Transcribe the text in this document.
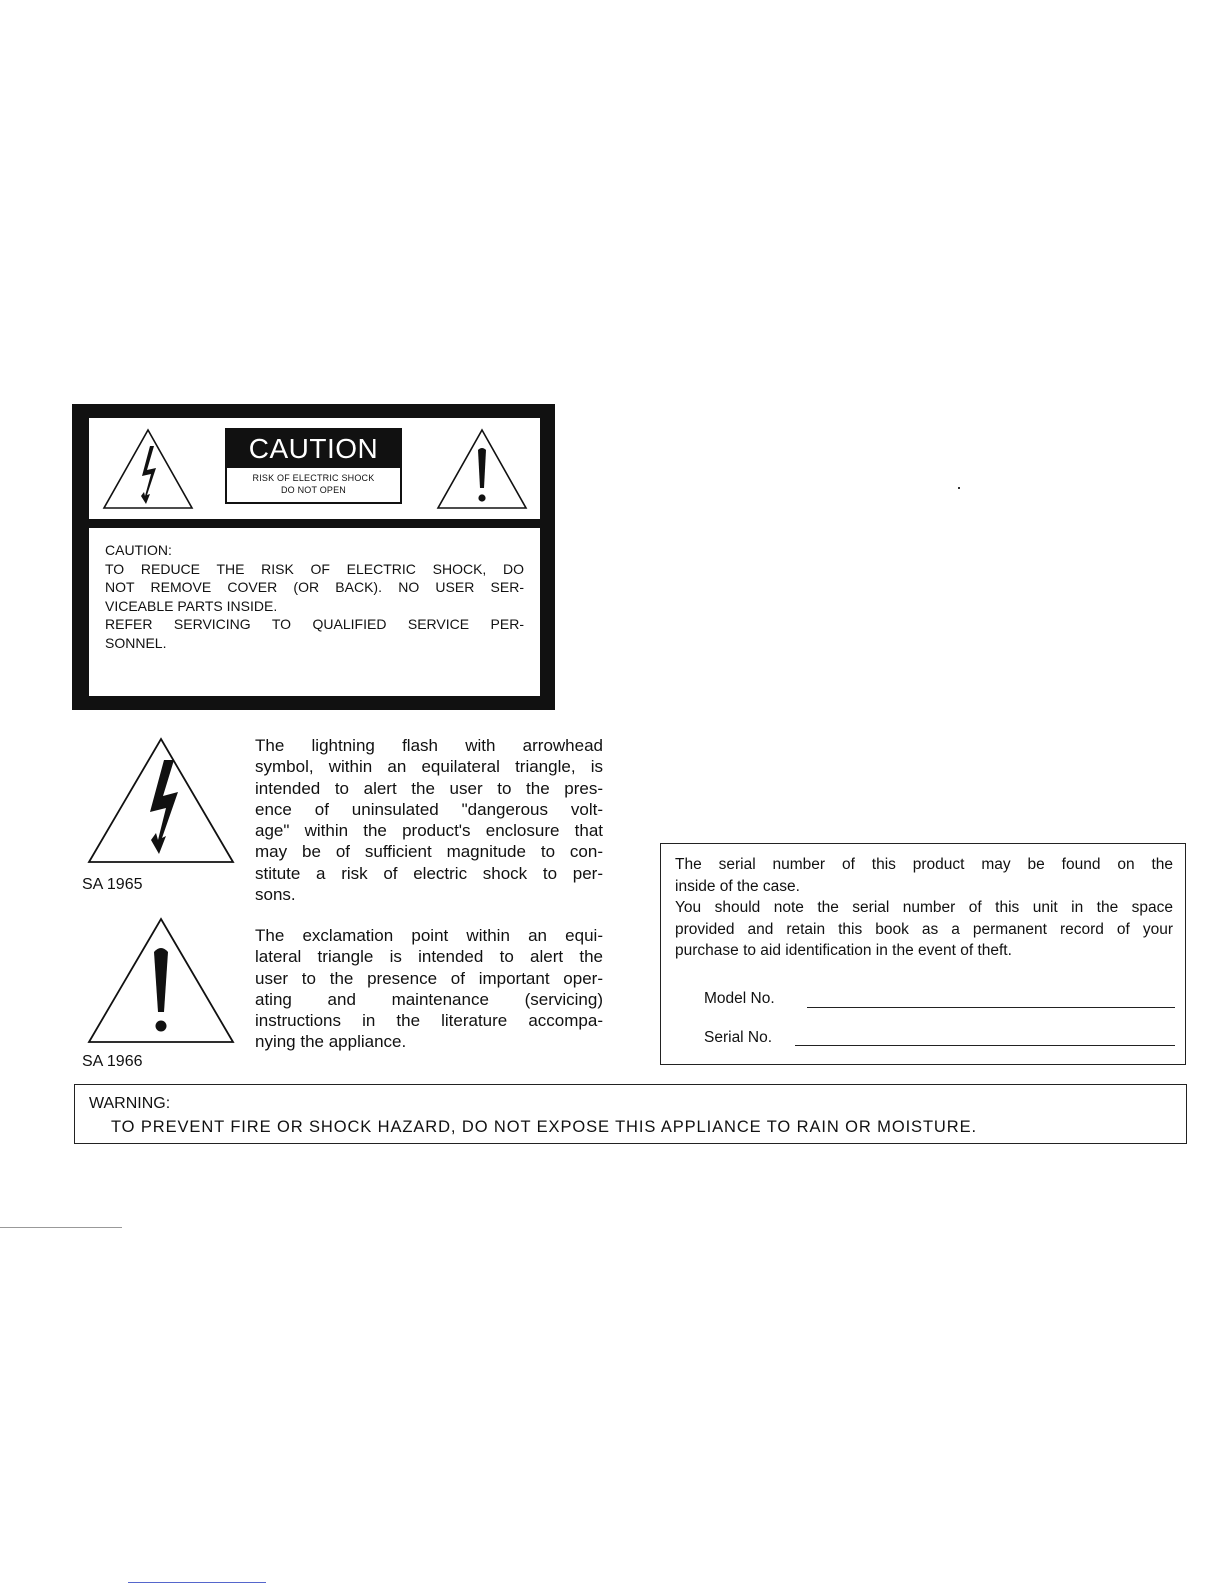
CAUTION
RISK OF ELECTRIC SHOCK
DO NOT OPEN
CAUTION:
TO REDUCE THE RISK OF ELECTRIC SHOCK, DO
NOT REMOVE COVER (OR BACK). NO USER SER-
VICEABLE PARTS INSIDE.
REFER SERVICING TO QUALIFIED SERVICE PER-
SONNEL.
SA 1965
The lightning flash with arrowhead
symbol, within an equilateral triangle, is
intended to alert the user to the pres-
ence of uninsulated "dangerous volt-
age" within the product's enclosure that
may be of sufficient magnitude to con-
stitute a risk of electric shock to per-
sons.
SA 1966
The exclamation point within an equi-
lateral triangle is intended to alert the
user to the presence of important oper-
ating and maintenance (servicing)
instructions in the literature accompa-
nying the appliance.
The serial number of this product may be found on the
inside of the case.
You should note the serial number of this unit in the space
provided and retain this book as a permanent record of your
purchase to aid identification in the event of theft.
Model No.
Serial No.
WARNING:
TO PREVENT FIRE OR SHOCK HAZARD, DO NOT EXPOSE THIS APPLIANCE TO RAIN OR MOISTURE.
